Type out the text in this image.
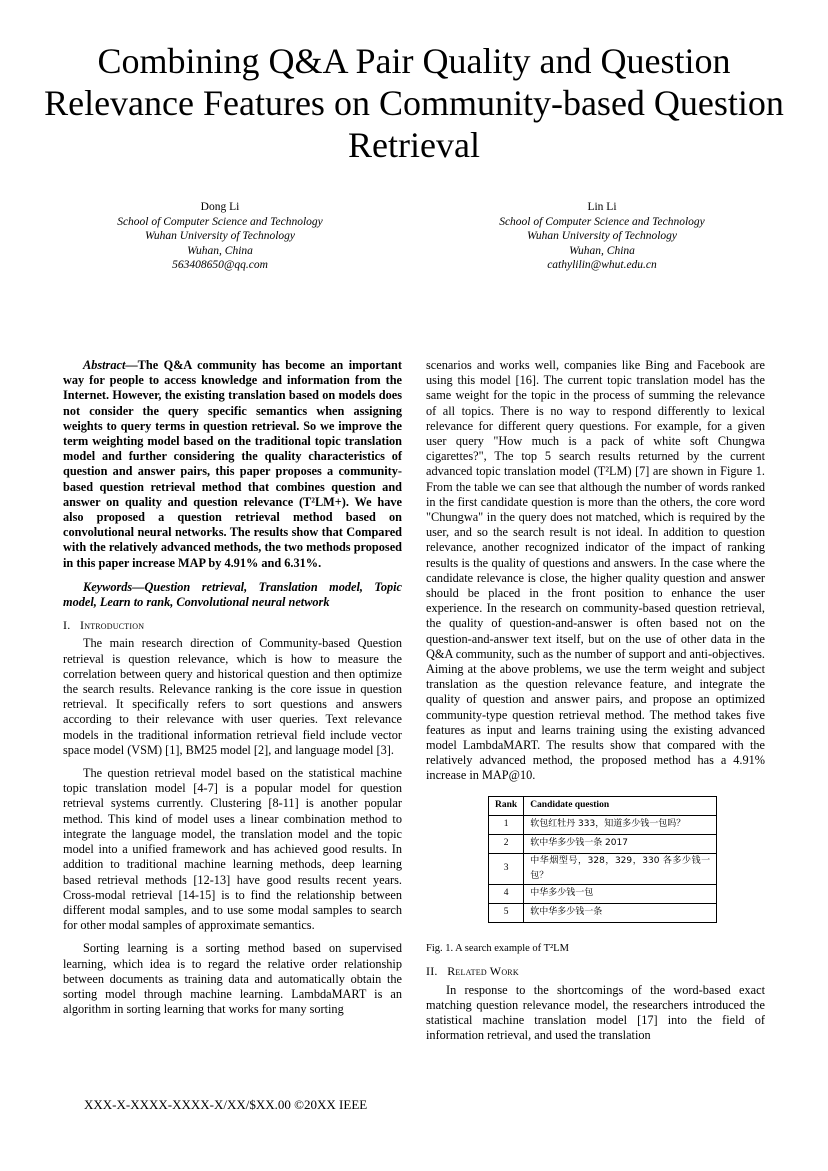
Combining Q&A Pair Quality and Question Relevance Features on Community-based Question Retrieval
Dong Li
School of Computer Science and Technology
Wuhan University of Technology
Wuhan, China
563408650@qq.com
Lin Li
School of Computer Science and Technology
Wuhan University of Technology
Wuhan, China
cathylilin@whut.edu.cn

Abstract—The Q&A community has become an important way for people to access knowledge and information from the Internet. However, the existing translation based on models does not consider the query specific semantics when assigning weights to query terms in question retrieval. So we improve the term weighting model based on the traditional topic translation model and further considering the quality characteristics of question and answer pairs, this paper proposes a community-based question retrieval method that combines question and answer on quality and question relevance (T²LM+). We have also proposed a question retrieval method based on convolutional neural networks. The results show that Compared with the relatively advanced methods, the two methods proposed in this paper increase MAP by 4.91% and 6.31%.

Keywords—Question retrieval, Translation model, Topic model, Learn to rank, Convolutional neural network

I. Introduction

The main research direction of Community-based Question retrieval is question relevance, which is how to measure the correlation between query and historical question and then optimize the search results. Relevance ranking is the core issue in question retrieval. It specifically refers to sort questions and answers according to their relevance with user queries. Text relevance models in the traditional information retrieval field include vector space model (VSM) [1], BM25 model [2], and language model [3].

The question retrieval model based on the statistical machine topic translation model [4-7] is a popular model for question retrieval systems currently. Clustering [8-11] is another popular method. This kind of model uses a linear combination method to integrate the language model, the translation model and the topic model into a unified framework and has achieved good results. In addition to traditional machine learning methods, deep learning based retrieval methods [12-13] have good results recent years. Cross-modal retrieval [14-15] is to find the relationship between different modal samples, and to use some modal samples to search for other modal samples of approximate semantics.

Sorting learning is a sorting method based on supervised learning, which idea is to regard the relative order relationship between documents as training data and automatically obtain the sorting model through machine learning. LambdaMART is an algorithm in sorting learning that works for many sorting

scenarios and works well, companies like Bing and Facebook are using this model [16]. The current topic translation model has the same weight for the topic in the process of summing the relevance of all topics. There is no way to respond differently to lexical relevance for different query questions. For example, for a given user query "How much is a pack of white soft Chungwa cigarettes?", The top 5 search results returned by the current advanced topic translation model (T²LM) [7] are shown in Figure 1. From the table we can see that although the number of words ranked in the first candidate question is more than the others, the core word "Chungwa" in the query does not matched, which is required by the user, and so the search result is not ideal. In addition to question relevance, another recognized indicator of the impact of ranking results is the quality of questions and answers. In the case where the candidate relevance is close, the higher quality question and answer should be placed in the front position to enhance the user experience. In the research on community-based question retrieval, the quality of question-and-answer is often based not on the question-and-answer text itself, but on the use of other data in the Q&A community, such as the number of support and anti-objectives. Aiming at the above problems, we use the term weight and subject translation as the question relevance feature, and integrate the quality of question and answer pairs, and propose an optimized community-type question retrieval method. The method takes five features as input and learns training using the existing advanced model LambdaMART. The results show that compared with the relatively advanced method, the proposed method has a 4.91% increase in MAP@10.

Rank	Candidate question
1	软包红牡丹 333，知道多少钱一包吗？
2	软中华多少钱一条 2017
3	中华烟型号，328，329，330 各多少钱一包？
4	中华多少钱一包
5	软中华多少钱一条

Fig. 1. A search example of T²LM

II. Related Work

In response to the shortcomings of the word-based exact matching question relevance model, the researchers introduced the statistical machine translation model [17] into the field of information retrieval, and used the translation

XXX-X-XXXX-XXXX-X/XX/$XX.00 ©20XX IEEE
